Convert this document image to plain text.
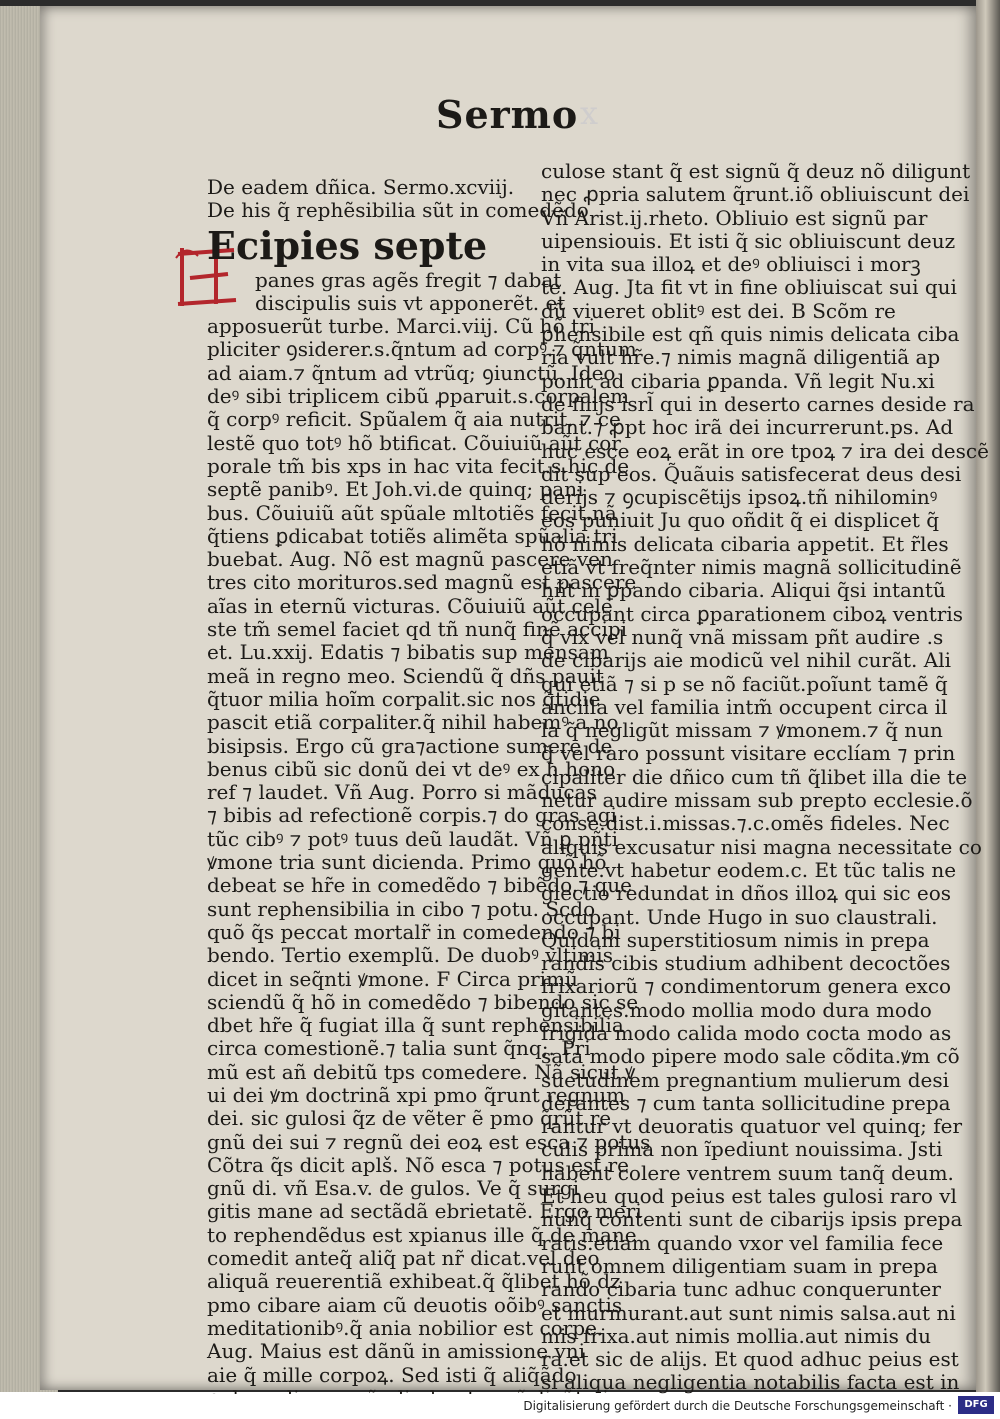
Sermo x

De eadem dñica. Sermo.xcviij.

De his q̃ rephẽsibilia sũt in comedẽdo

Ecipies septe

panes gras agẽs fregit ⁊ dabat

discipulis suis vt apponerẽt. et

apposuerũt turbe. Marci.viij. Cũ hõ tri

pliciter ꝯsiderer.s.q̃ntum ad corpꝰ.⁊ q̃ntum

ad aiam.⁊ q̃ntum ad vtrũq; ꝯiunctũ. Ideo

deꝰ sibi triplicem cibũ ꝓparuit.s.corpalem

q̃ corpꝰ reficit. Spũalem q̃ aia nutrit. ⁊ ce

lestẽ quo totꝰ hõ btificat. Cõuiuiũ aũt cor

porale tm̃ bis xps in hac vita fecit.s.hic de

septẽ panibꝰ. Et Joh.vi.de quinq; pani

bus. Cõuiuiũ aũt spũale mltotiẽs fecit.nã

q̃tiens ꝑdicabat totiẽs alimẽta spũalia tri

buebat. Aug. Nõ est magnũ pascere ven

tres cito morituros.sed magnũ est pascere

aĩas in eternũ victuras. Cõuiuiũ aũt cele

ste tm̃ semel faciet qd tñ nunq̃ finẽ accipi

et. Lu.xxij. Edatis ⁊ bibatis sup mensam

meã in regno meo. Sciendũ q̃ dñs pauit

q̃tuor milia hoĩm corpalit.sic nos q̃tidie

pascit etiã corpaliter.q̃ nihil habemꝰ a no

bisipsis. Ergo cũ gra⁊actione sumere de

benus cibũ sic donũ dei vt deꝰ ex h hono

ref ⁊ laudet. Vñ Aug. Porro si mãducas

⁊ bibis ad refectionẽ corpis.⁊ do gras agi

tũc cibꝰ ⁊ potꝰ tuus deũ laudãt. Vñ ꝑ pñti

ꝟmone tria sunt dicienda. Primo quõ hõ

debeat se hr̃e in comedẽdo ⁊ bibẽdo.⁊ que

sunt rephensibilia in cibo ⁊ potu. Scdo

quõ q̃s peccat mortalr̃ in comedendo ⁊ bi

bendo. Tertio exemplũ. De duobꝰ vltimis

dicet in seq̃nti ꝟmone. F Circa primũ

sciendũ q̃ hõ in comedẽdo ⁊ bibendo sic se

dbet hr̃e q̃ fugiat illa q̃ sunt rephensibilia

circa comestionẽ.⁊ talia sunt q̃nq;. Pri

mũ est añ debitũ tps comedere. Nã sicut ꝟ

ui dei ꝟm doctrinã xpi pmo q̃runt regnum

dei. sic gulosi q̃z de vẽter ẽ pmo q̃rũt re

gnũ dei sui ⁊ regnũ dei eoꝝ est esca ⁊ potus

Cõtra q̃s dicit aplš. Nõ esca ⁊ potus est re

gnũ di. vñ Esa.v. de gulos. Ve q̃ surgi

gitis mane ad sectãdã ebrietatẽ. Ergo meri

to rephendẽdus est xpianus ille q̃ de mane

comedit anteq̃ aliq̃ pat nr̃ dicat.vel deo

aliquã reuerentiã exhibeat.q̃ q̃libet hõ dz

pmo cibare aiam cũ deuotis oõibꝰ sanctis

meditationibꝰ.q̃ ania nobilior est corpe.

Aug. Maius est dãnũ in amissione vni

aie q̃ mille corpoꝝ. Sed isti q̃ aliq̃ãdo

culose stant q̃ est signũ q̃ deuz nõ diligunt

nec ꝓpria salutem q̃runt.iõ obliuiscunt dei

Vñ Arist.ij.rheto. Obliuio est signũ par

uipensiouis. Et isti q̃ sic obliuiscunt deuz

in vita sua illoꝝ et deꝰ obliuisci i morꝫ

te. Aug. Jta fit vt in fine obliuiscat sui qui

dũ viueret oblitꝰ est dei. B Scõm re

ꝑhensibile est qñ quis nimis delicata ciba

ria vult hr̃e.⁊ nimis magnã diligentiã ap

ponit ad cibaria ꝑpanda. Vñ legit Nu.xi

de filijs isrl̃ qui in deserto carnes deside ra

bant.⁊ ꝓpt hoc irã dei incurrerunt.ps. Ad

huc esce eoꝝ erãt in ore tpoꝝ ⁊ ira dei descẽ

dit sup eos. Q̃uãuis satisfecerat deus desi

derijs ⁊ ꝯcupiscẽtijs ipsoꝝ.tñ nihilominꝰ

eos puniuit Ju quo oñdit q̃ ei displicet q̃

hõ nimis delicata cibaria appetit. Et r̃les

etiã vt freq̃nter nimis magnã sollicitudinẽ

hñt in ꝑpando cibaria. Aliqui q̃si intantũ

occupant circa ꝑparationem ciboꝝ ventris

q̃ vix vel nunq̃ vnã missam pñt audire .s

de cibarijs aie modicũ vel nihil curãt. Ali

qui etiã ⁊ si p se nõ faciũt.poĩunt tamẽ q̃

ancilla vel familia intm̃ occupent circa il

la q̃ negligũt missam ⁊ ꝟmonem.⁊ q̃ nun

q̃ vel raro possunt visitare ecclíam ⁊ prin

cipaliter die dñico cum tñ q̃libet illa die te

netur audire missam sub prepto ecclesie.õ

conse.dist.i.missas.⁊.c.omẽs fideles. Nec

aliquis excusatur nisi magna necessitate co

gente.vt habetur eodem.c. Et tũc talis ne

glectio redundat in dños illoꝝ qui sic eos

occupant. Unde Hugo in suo claustrali.

Quidam superstitiosum nimis in prepa

randis cibis studium adhibent decoctões

frixariorũ ⁊ condimentorum genera exco

gitantes.modo mollia modo dura modo

frigida modo calida modo cocta modo as

sata modo pipere modo sale cõdita.ꝟm cõ

suetudinem pregnantium mulierum desi

derantes ⁊ cum tanta sollicitudine prepa

rantur vt deuoratis quatuor vel quinq; fer

culis prima non ĩpediunt nouissima. Jsti

habent colere ventrem suum tanq̃ deum.

Et heu quod peius est tales gulosi raro vl

nunq̃ contenti sunt de cibarijs ipsis prepa

ratis.etiam quando vxor vel familia fece

runt omnem diligentiam suam in prepa

rando cibaria tunc adhuc conquerunter

et murmurant.aut sunt nimis salsa.aut ni

mis frixa.aut nimis mollia.aut nimis du

ra.et sic de alijs. Et quod adhuc peius est

si aliqua negligentia notabilis facta est in

Digitalisierung gefördert durch die Deutsche Forschungsgemeinschaft ·	DFG
